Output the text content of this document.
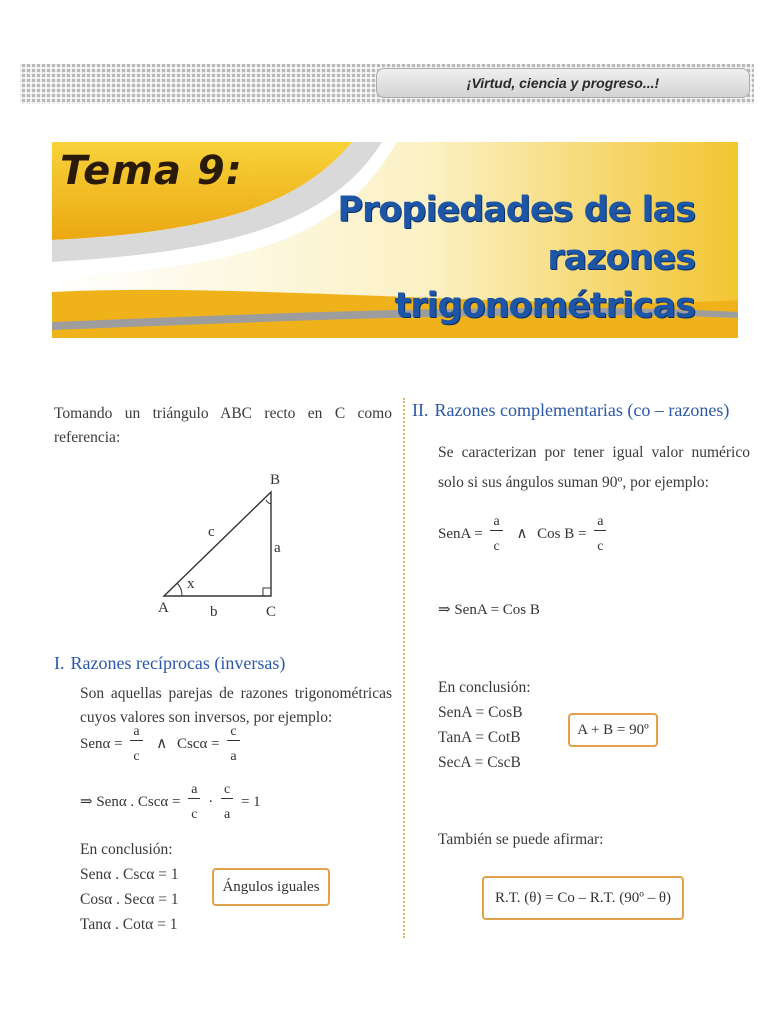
¡Virtud, ciencia y progreso...!
Tema 9:
Propiedades de las razones
trigonométricas
Tomando un triángulo ABC recto en C como referencia:
B
c
a
x
A	b	C
I. Razones recíprocas (inversas)
Son aquellas parejas de razones trigonométricas cuyos valores son inversos, por ejemplo:
$Sen\alpha = \frac{a}{c}$ ∧ $Csc\alpha = \frac{c}{a}$
⇒ Senα . $Csc\alpha = \frac{a}{c} \cdot \frac{c}{a} = 1$
En conclusión:
Senα . Cscα = 1
Cosα . Secα = 1
Tanα . Cotα = 1
Ángulos iguales
II. Razones complementarias (co – razones)
Se caracterizan por tener igual valor numérico solo si sus ángulos suman 90º, por ejemplo:
SenA = $\frac{a}{c}$ ∧ Cos $B = \frac{a}{c}$
⇒ SenA = Cos B
En conclusión:
SenA = CosB
TanA = CotB
SecA = CscB
A + B = 90º
También se puede afirmar:
R.T. (θ) = Co – R.T. (90º – θ)
